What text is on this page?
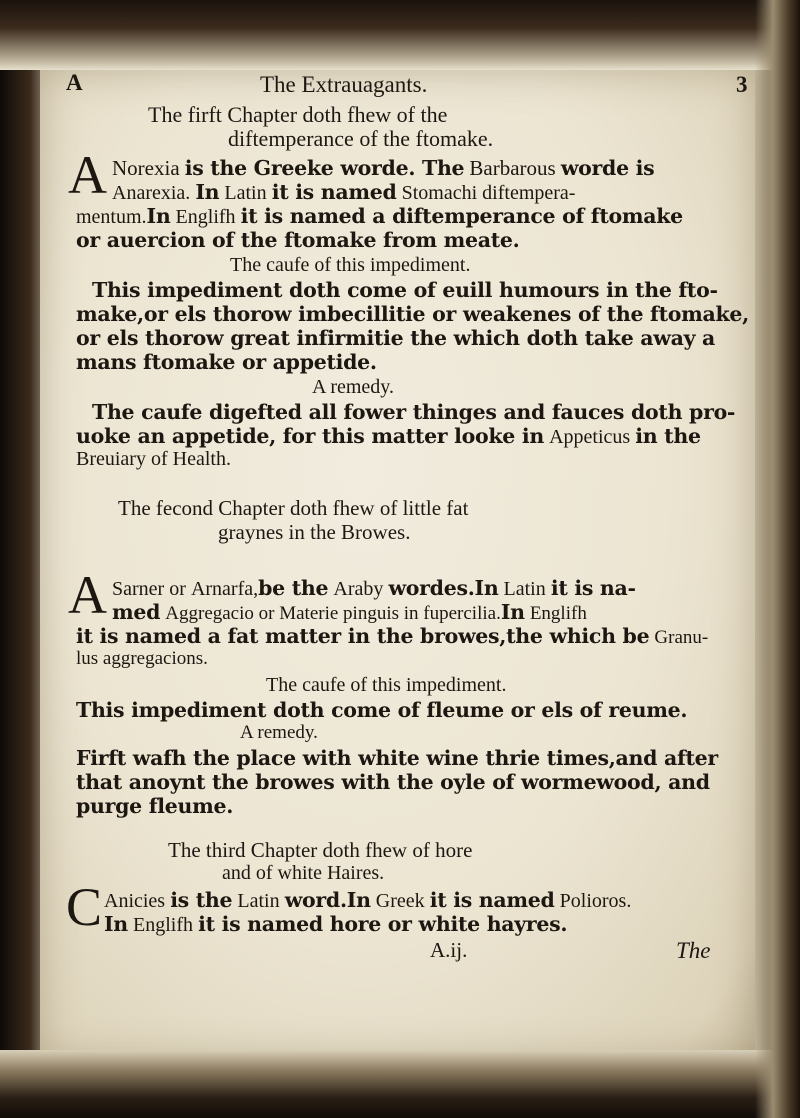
A	The Extrauagants.	3
The firft Chapter doth fhew of the
diftemperance of the ftomake.
A Norexia is the Greeke worde. The Barbarous worde is
Anarexia. In Latin it is named Stomachi diftempera-
mentum.In Englifh it is named a diftemperance of ftomake
or auercion of the ftomake from meate.
The caufe of this impediment.
This impediment doth come of euill humours in the fto-
make,or els thorow imbecillitie or weakenes of the ftomake,
or els thorow great infirmitie the which doth take away a
mans ftomake or appetide.
A remedy.
The caufe digefted all fower thinges and fauces doth pro-
uoke an appetide, for this matter looke in Appeticus in the
Breuiary of Health.
The fecond Chapter doth fhew of little fat
graynes in the Browes.
A Sarner or Arnarfa,be the Araby wordes.In Latin it is na-
med Aggregacio or Materie pinguis in fuperciliа.In Englifh
it is named a fat matter in the browes,the which be Granu-
lus aggregacions.
The caufe of this impediment.
This impediment doth come of fleume or els of reume.
A remedy.
Firft wafh the place with white wine thrie times,and after
that anoynt the browes with the oyle of wormewood, and
purge fleume.
The third Chapter doth fhew of hore
and of white Haires.
C Anicies is the Latin word.In Greek it is named Polioros.
In Englifh it is named hore or white hayres.
A.ij.	The
